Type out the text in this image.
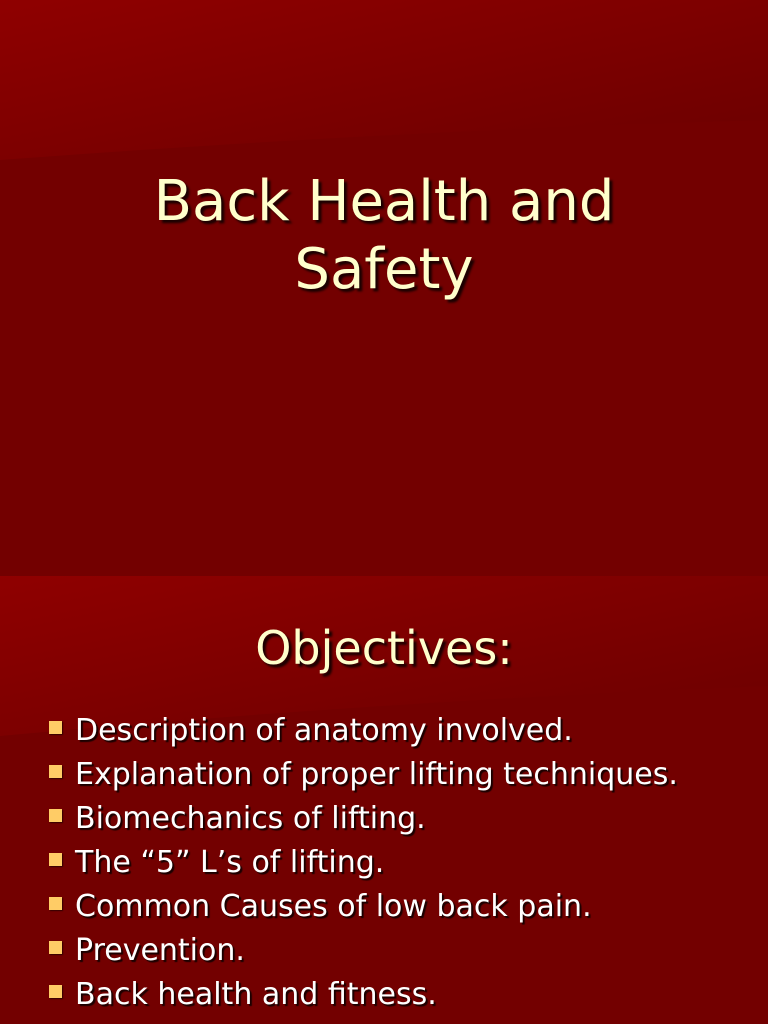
Back Health and
Safety
Objectives:
Description of anatomy involved.
Explanation of proper lifting techniques.
Biomechanics of lifting.
The “5” L’s of lifting.
Common Causes of low back pain.
Prevention.
Back health and fitness.
